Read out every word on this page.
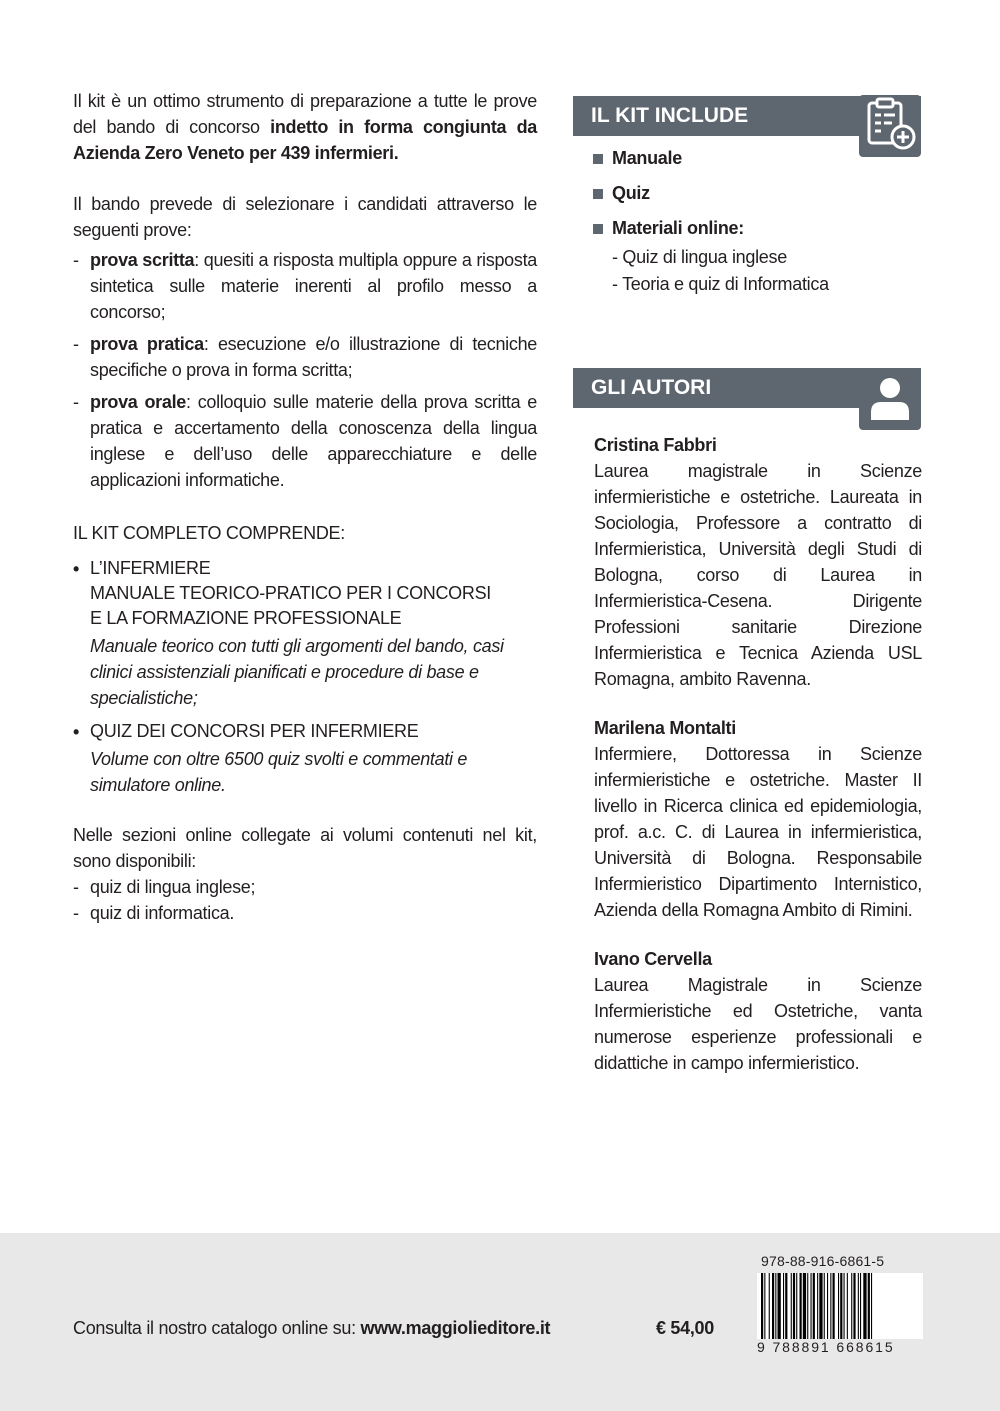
Il kit è un ottimo strumento di preparazione a tutte le prove del bando di concorso indetto in forma congiunta da Azienda Zero Veneto per 439 infermieri.

Il bando prevede di selezionare i candidati attraverso le seguenti prove:

- prova scritta: quesiti a risposta multipla oppure a risposta sintetica sulle materie inerenti al profilo messo a concorso;
- prova pratica: esecuzione e/o illustrazione di tecniche specifiche o prova in forma scritta;
- prova orale: colloquio sulle materie della prova scritta e pratica e accertamento della conoscenza della lingua inglese e dell’uso delle apparecchiature e delle applicazioni informatiche.

IL KIT COMPLETO COMPRENDE:

• L’INFERMIERE
MANUALE TEORICO-PRATICO PER I CONCORSI
E LA FORMAZIONE PROFESSIONALE
Manuale teorico con tutti gli argomenti del bando, casi clinici assistenziali pianificati e procedure di base e specialistiche;
• QUIZ DEI CONCORSI PER INFERMIERE
Volume con oltre 6500 quiz svolti e commentati e simulatore online.

Nelle sezioni online collegate ai volumi contenuti nel kit, sono disponibili:

- quiz di lingua inglese;
- quiz di informatica.
IL KIT INCLUDE
Manuale
Quiz
Materiali online:
- Quiz di lingua inglese
- Teoria e quiz di Informatica
GLI AUTORI
Cristina Fabbri
Laurea magistrale in Scienze infermieristiche e ostetriche. Laureata in Sociologia, Professore a contratto di Infermieristica, Università degli Studi di Bologna, corso di Laurea in Infermieristica-Cesena. Dirigente Professioni sanitarie Direzione Infermieristica e Tecnica Azienda USL Romagna, ambito Ravenna.
Marilena Montalti
Infermiere, Dottoressa in Scienze infermieristiche e ostetriche. Master II livello in Ricerca clinica ed epidemiologia, prof. a.c. C. di Laurea in infermieristica, Università di Bologna. Responsabile Infermieristico Dipartimento Internistico, Azienda della Romagna Ambito di Rimini.
Ivano Cervella
Laurea Magistrale in Scienze Infermieristiche ed Ostetriche, vanta numerose esperienze professionali e didattiche in campo infermieristico.
Consulta il nostro catalogo online su: www.maggiolieditore.it	€ 54,00
978-88-916-6861-5
9 788891 668615
